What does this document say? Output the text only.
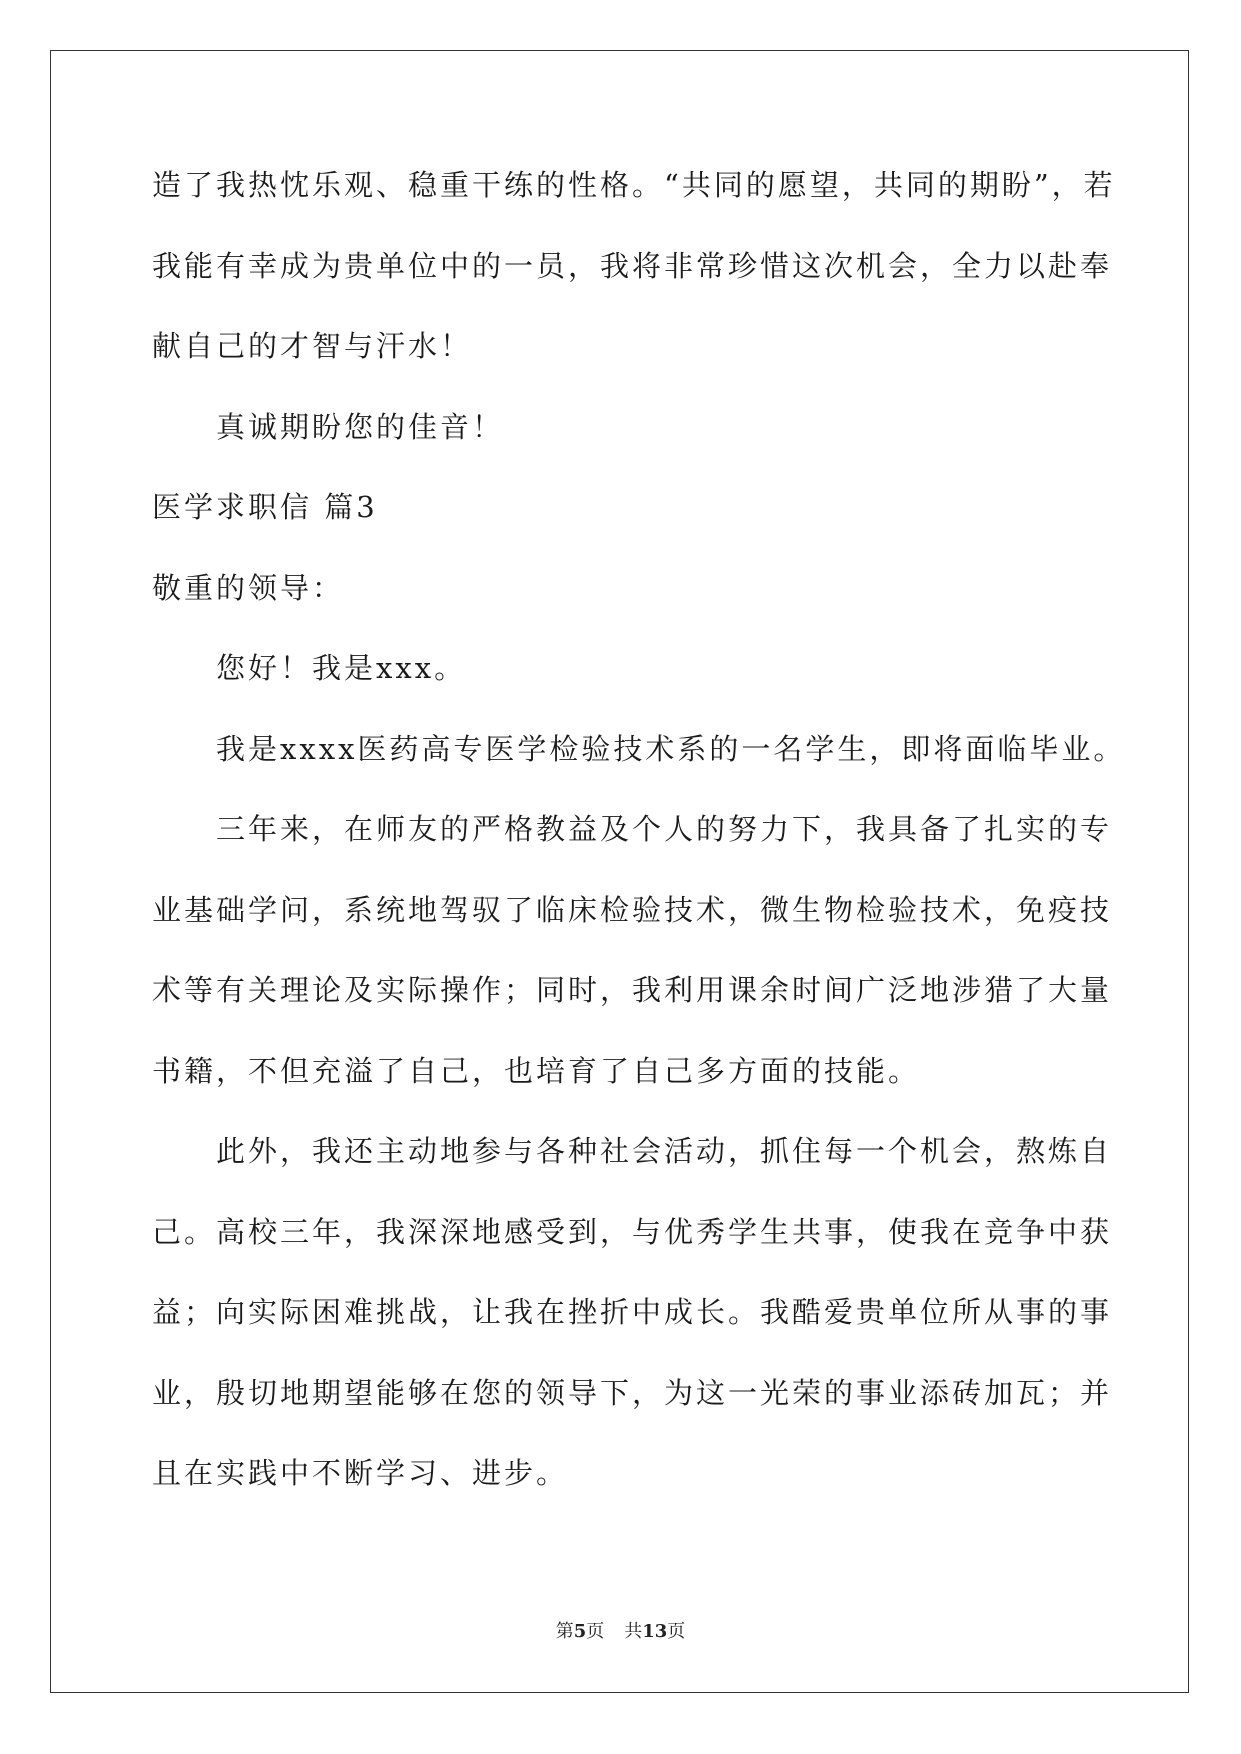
造了我热忱乐观、稳重干练的性格。“共同的愿望，共同的期盼”，若
我能有幸成为贵单位中的一员，我将非常珍惜这次机会，全力以赴奉
献自己的才智与汗水！
真诚期盼您的佳音！
医学求职信 篇3
敬重的领导：
您好！我是xxx。
我是xxxx医药高专医学检验技术系的一名学生，即将面临毕业。
三年来，在师友的严格教益及个人的努力下，我具备了扎实的专
业基础学问，系统地驾驭了临床检验技术，微生物检验技术，免疫技
术等有关理论及实际操作；同时，我利用课余时间广泛地涉猎了大量
书籍，不但充溢了自己，也培育了自己多方面的技能。
此外，我还主动地参与各种社会活动，抓住每一个机会，熬炼自
己。高校三年，我深深地感受到，与优秀学生共事，使我在竞争中获
益；向实际困难挑战，让我在挫折中成长。我酷爱贵单位所从事的事
业，殷切地期望能够在您的领导下，为这一光荣的事业添砖加瓦；并
且在实践中不断学习、进步。
第5页 共13页
